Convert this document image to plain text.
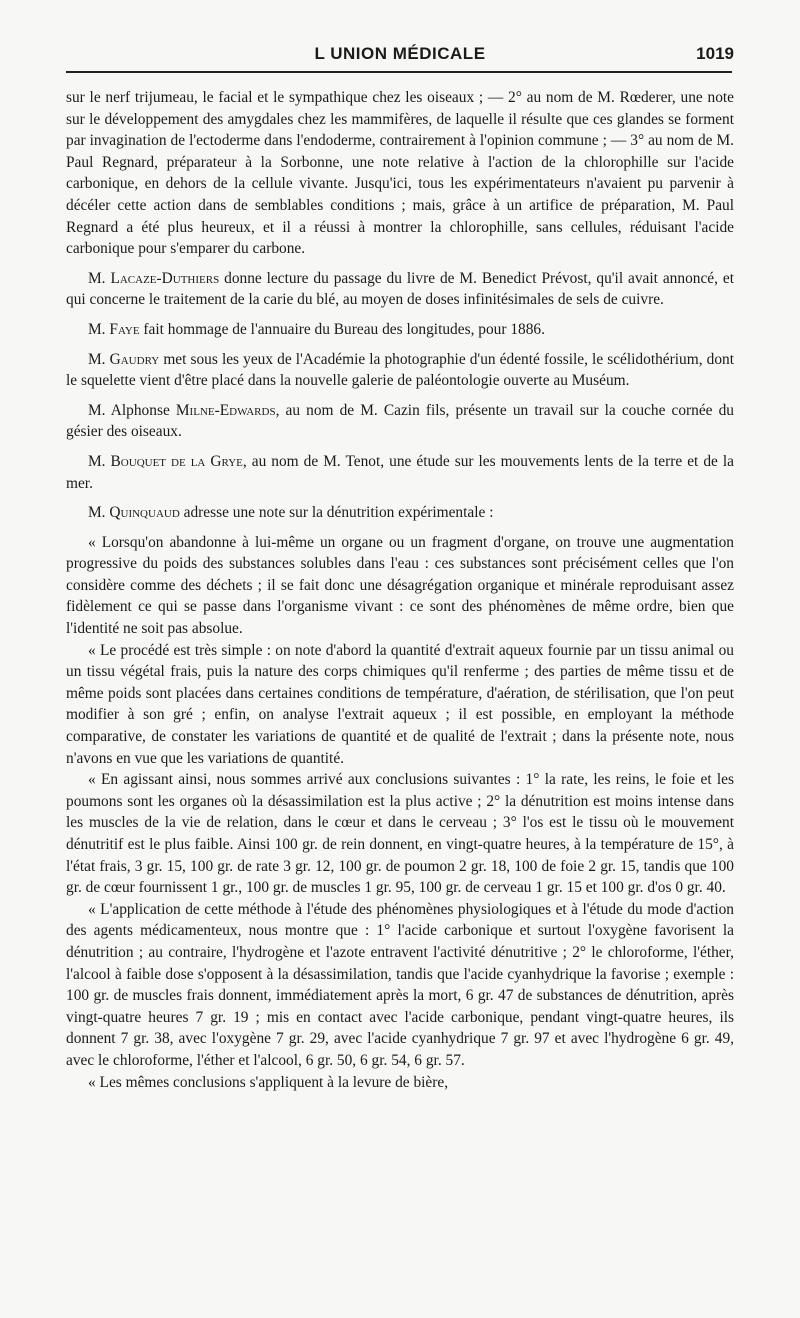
L UNION MÉDICALE	1019

sur le nerf trijumeau, le facial et le sympathique chez les oiseaux ; — 2° au nom de M. Rœderer, une note sur le développement des amygdales chez les mammifères, de laquelle il résulte que ces glandes se forment par invagination de l'ectoderme dans l'endoderme, contrairement à l'opinion commune ; — 3° au nom de M. Paul Regnard, préparateur à la Sorbonne, une note relative à l'action de la chlorophille sur l'acide carbonique, en dehors de la cellule vivante. Jusqu'ici, tous les expérimentateurs n'avaient pu parvenir à décéler cette action dans de semblables conditions ; mais, grâce à un artifice de préparation, M. Paul Regnard a été plus heureux, et il a réussi à montrer la chlorophille, sans cellules, réduisant l'acide carbonique pour s'emparer du carbone.

M. Lacaze-Duthiers donne lecture du passage du livre de M. Benedict Prévost, qu'il avait annoncé, et qui concerne le traitement de la carie du blé, au moyen de doses infinitésimales de sels de cuivre.

M. Faye fait hommage de l'annuaire du Bureau des longitudes, pour 1886.

M. Gaudry met sous les yeux de l'Académie la photographie d'un édenté fossile, le scélidothérium, dont le squelette vient d'être placé dans la nouvelle galerie de paléontologie ouverte au Muséum.

M. Alphonse Milne-Edwards, au nom de M. Cazin fils, présente un travail sur la couche cornée du gésier des oiseaux.

M. Bouquet de la Grye, au nom de M. Tenot, une étude sur les mouvements lents de la terre et de la mer.

M. Quinquaud adresse une note sur la dénutrition expérimentale :

« Lorsqu'on abandonne à lui-même un organe ou un fragment d'organe, on trouve une augmentation progressive du poids des substances solubles dans l'eau : ces substances sont précisément celles que l'on considère comme des déchets ; il se fait donc une désagrégation organique et minérale reproduisant assez fidèlement ce qui se passe dans l'organisme vivant : ce sont des phénomènes de même ordre, bien que l'identité ne soit pas absolue.

« Le procédé est très simple : on note d'abord la quantité d'extrait aqueux fournie par un tissu animal ou un tissu végétal frais, puis la nature des corps chimiques qu'il renferme ; des parties de même tissu et de même poids sont placées dans certaines conditions de température, d'aération, de stérilisation, que l'on peut modifier à son gré ; enfin, on analyse l'extrait aqueux ; il est possible, en employant la méthode comparative, de constater les variations de quantité et de qualité de l'extrait ; dans la présente note, nous n'avons en vue que les variations de quantité.

« En agissant ainsi, nous sommes arrivé aux conclusions suivantes : 1° la rate, les reins, le foie et les poumons sont les organes où la désassimilation est la plus active ; 2° la dénutrition est moins intense dans les muscles de la vie de relation, dans le cœur et dans le cerveau ; 3° l'os est le tissu où le mouvement dénutritif est le plus faible. Ainsi 100 gr. de rein donnent, en vingt-quatre heures, à la température de 15°, à l'état frais, 3 gr. 15, 100 gr. de rate 3 gr. 12, 100 gr. de poumon 2 gr. 18, 100 de foie 2 gr. 15, tandis que 100 gr. de cœur fournissent 1 gr., 100 gr. de muscles 1 gr. 95, 100 gr. de cerveau 1 gr. 15 et 100 gr. d'os 0 gr. 40.

« L'application de cette méthode à l'étude des phénomènes physiologiques et à l'étude du mode d'action des agents médicamenteux, nous montre que : 1° l'acide carbonique et surtout l'oxygène favorisent la dénutrition ; au contraire, l'hydrogène et l'azote entravent l'activité dénutritive ; 2° le chloroforme, l'éther, l'alcool à faible dose s'opposent à la désassimilation, tandis que l'acide cyanhydrique la favorise ; exemple : 100 gr. de muscles frais donnent, immédiatement après la mort, 6 gr. 47 de substances de dénutrition, après vingt-quatre heures 7 gr. 19 ; mis en contact avec l'acide carbonique, pendant vingt-quatre heures, ils donnent 7 gr. 38, avec l'oxygène 7 gr. 29, avec l'acide cyanhydrique 7 gr. 97 et avec l'hydrogène 6 gr. 49, avec le chloroforme, l'éther et l'alcool, 6 gr. 50, 6 gr. 54, 6 gr. 57.

« Les mêmes conclusions s'appliquent à la levure de bière,
